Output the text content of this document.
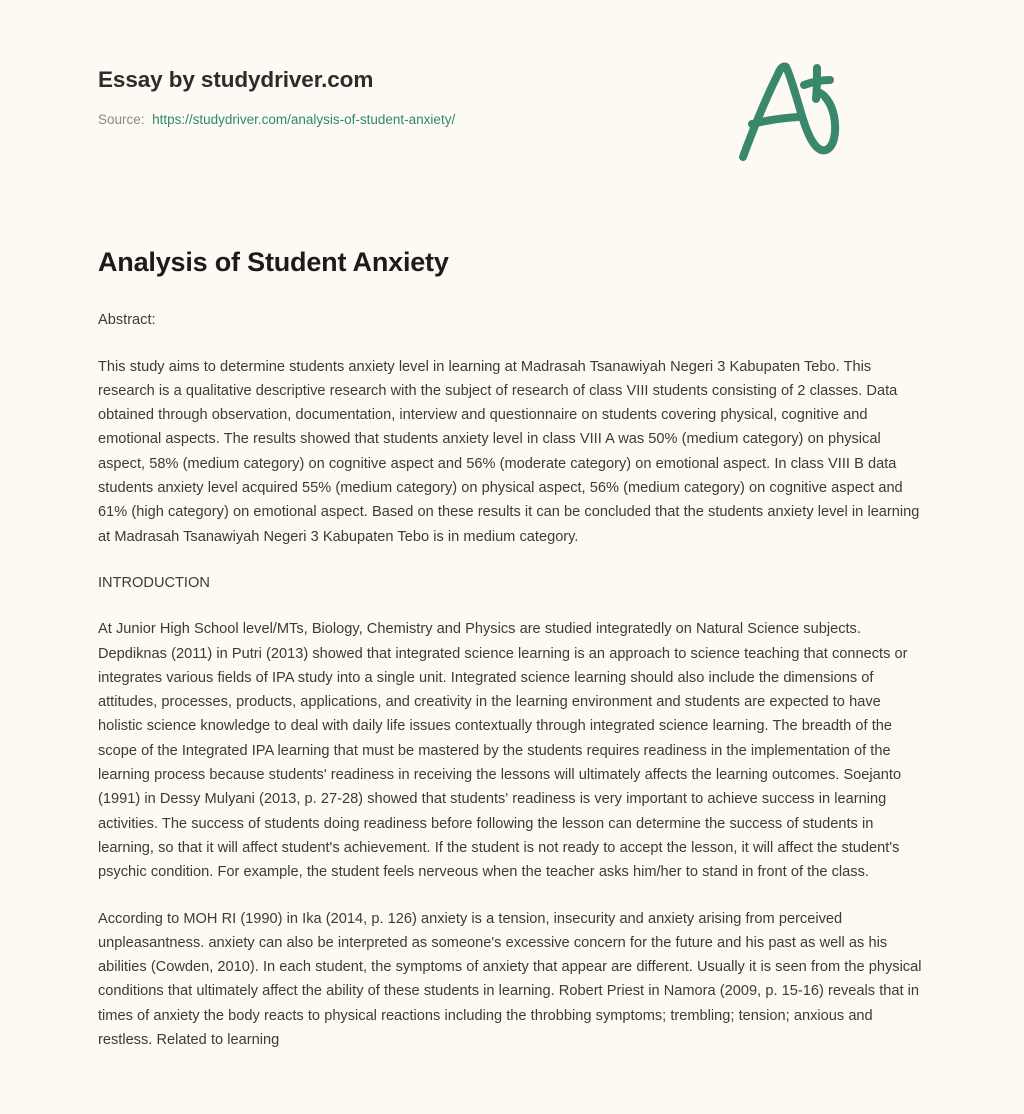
Essay by studydriver.com
Source: https://studydriver.com/analysis-of-student-anxiety/
Analysis of Student Anxiety

Abstract:

This study aims to determine students anxiety level in learning at Madrasah Tsanawiyah Negeri 3 Kabupaten Tebo. This research is a qualitative descriptive research with the subject of research of class VIII students consisting of 2 classes. Data obtained through observation, documentation, interview and questionnaire on students covering physical, cognitive and emotional aspects. The results showed that students anxiety level in class VIII A was 50% (medium category) on physical aspect, 58% (medium category) on cognitive aspect and 56% (moderate category) on emotional aspect. In class VIII B data students anxiety level acquired 55% (medium category) on physical aspect, 56% (medium category) on cognitive aspect and 61% (high category) on emotional aspect. Based on these results it can be concluded that the students anxiety level in learning at Madrasah Tsanawiyah Negeri 3 Kabupaten Tebo is in medium category.

INTRODUCTION

At Junior High School level/MTs, Biology, Chemistry and Physics are studied integratedly on Natural Science subjects. Depdiknas (2011) in Putri (2013) showed that integrated science learning is an approach to science teaching that connects or integrates various fields of IPA study into a single unit. Integrated science learning should also include the dimensions of attitudes, processes, products, applications, and creativity in the learning environment and students are expected to have holistic science knowledge to deal with daily life issues contextually through integrated science learning. The breadth of the scope of the Integrated IPA learning that must be mastered by the students requires readiness in the implementation of the learning process because students' readiness in receiving the lessons will ultimately affects the learning outcomes. Soejanto (1991) in Dessy Mulyani (2013, p. 27-28) showed that students' readiness is very important to achieve success in learning activities. The success of students doing readiness before following the lesson can determine the success of students in learning, so that it will affect student's achievement. If the student is not ready to accept the lesson, it will affect the student's psychic condition. For example, the student feels nerveous when the teacher asks him/her to stand in front of the class.

According to MOH RI (1990) in Ika (2014, p. 126) anxiety is a tension, insecurity and anxiety arising from perceived unpleasantness. anxiety can also be interpreted as someone's excessive concern for the future and his past as well as his abilities (Cowden, 2010). In each student, the symptoms of anxiety that appear are different. Usually it is seen from the physical conditions that ultimately affect the ability of these students in learning. Robert Priest in Namora (2009, p. 15-16) reveals that in times of anxiety the body reacts to physical reactions including the throbbing symptoms; trembling; tension; anxious and restless. Related to learning
